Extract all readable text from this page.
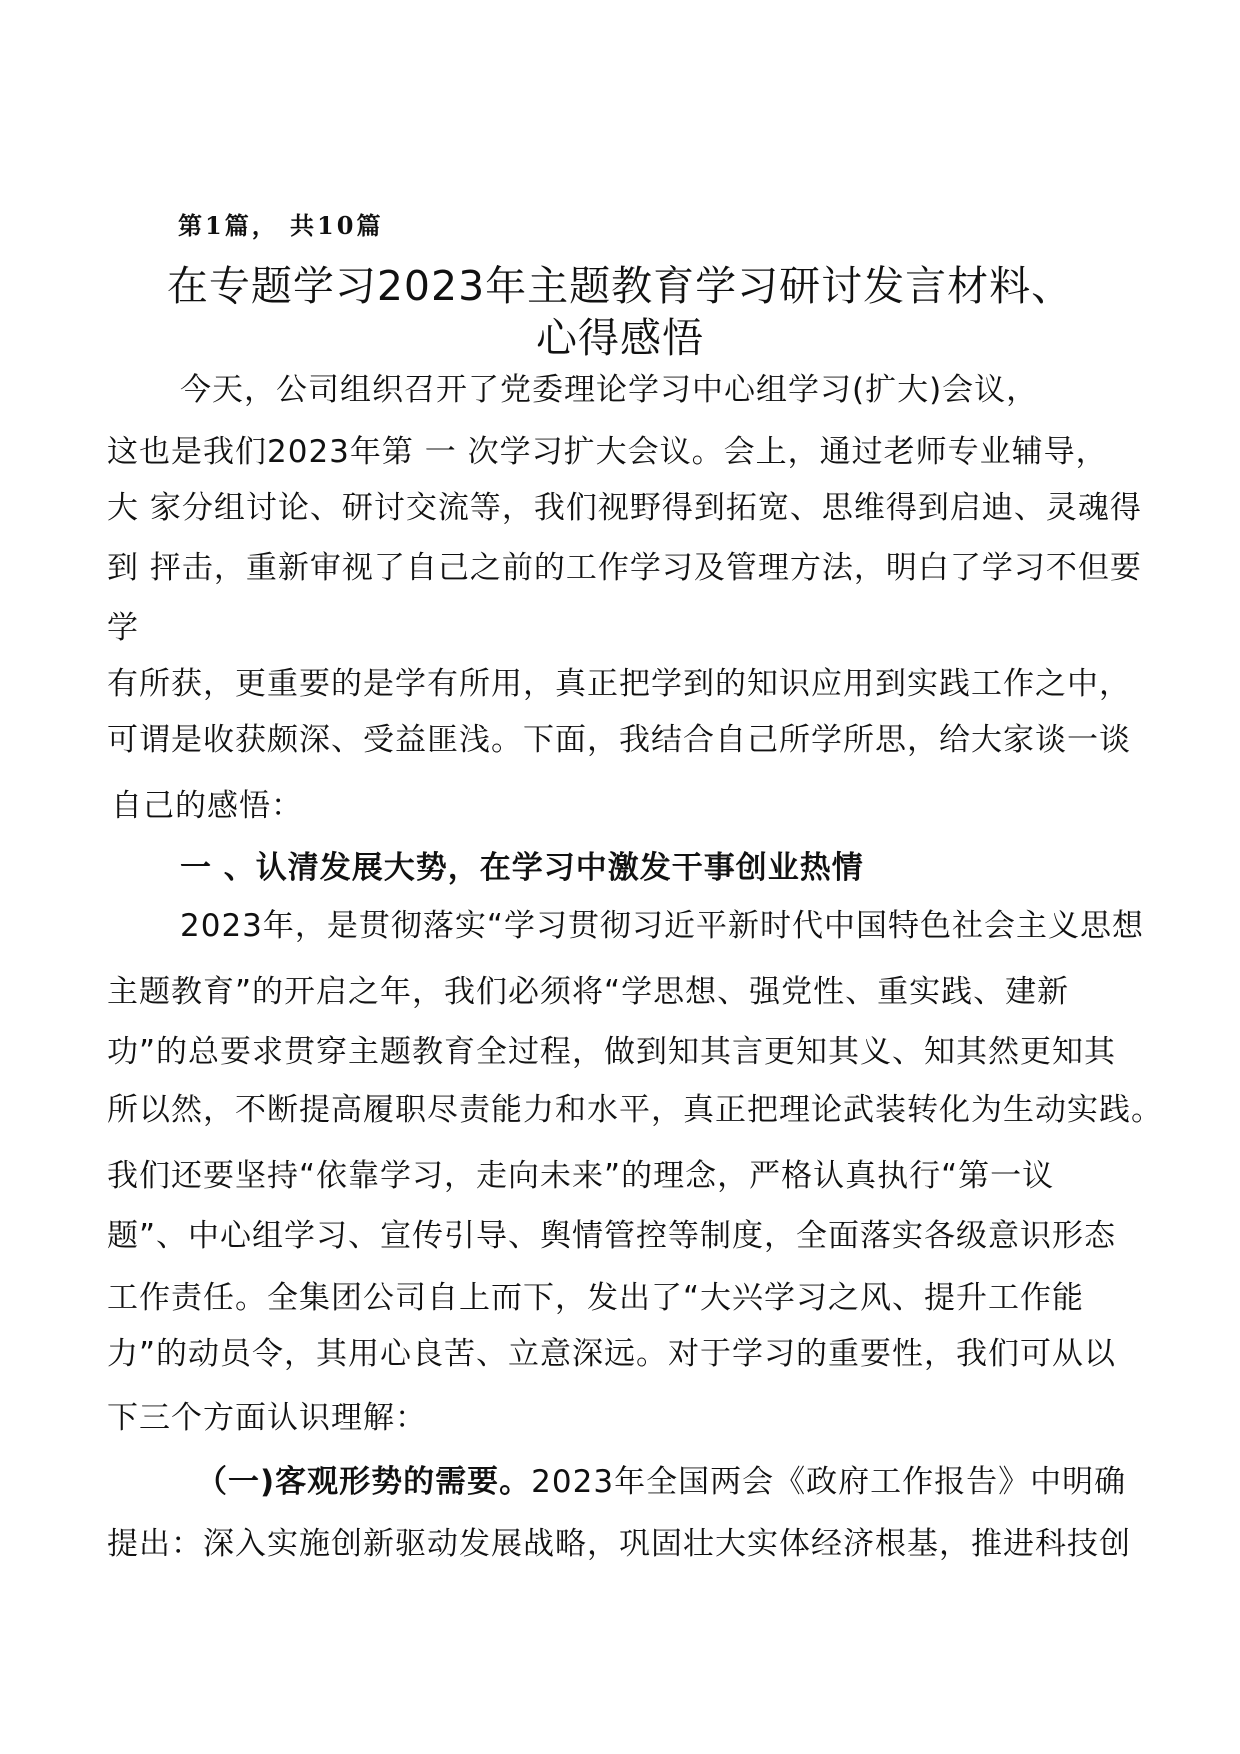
第1篇， 共10篇
在专题学习2023年主题教育学习研讨发言材料、
心得感悟
今天，公司组织召开了党委理论学习中心组学习(扩大)会议，
这也是我们2023年第 一 次学习扩大会议。会上，通过老师专业辅导，
大 家分组讨论、研讨交流等，我们视野得到拓宽、思维得到启迪、灵魂得
到 抨击，重新审视了自己之前的工作学习及管理方法，明白了学习不但要
学
有所获，更重要的是学有所用，真正把学到的知识应用到实践工作之中，
可谓是收获颇深、受益匪浅。下面，我结合自己所学所思，给大家谈一谈
自己的感悟：
一 、认清发展大势，在学习中激发干事创业热情
2023年，是贯彻落实“学习贯彻习近平新时代中国特色社会主义思想
主题教育”的开启之年，我们必须将“学思想、强党性、重实践、建新
功”的总要求贯穿主题教育全过程，做到知其言更知其义、知其然更知其
所以然，不断提高履职尽责能力和水平，真正把理论武装转化为生动实践。
我们还要坚持“依靠学习，走向未来”的理念，严格认真执行“第一议
题”、中心组学习、宣传引导、舆情管控等制度，全面落实各级意识形态
工作责任。全集团公司自上而下，发出了“大兴学习之风、提升工作能
力”的动员令，其用心良苦、立意深远。对于学习的重要性，我们可从以
下三个方面认识理解：
（一)客观形势的需要。2023年全国两会《政府工作报告》中明确
提出：深入实施创新驱动发展战略，巩固壮大实体经济根基，推进科技创
